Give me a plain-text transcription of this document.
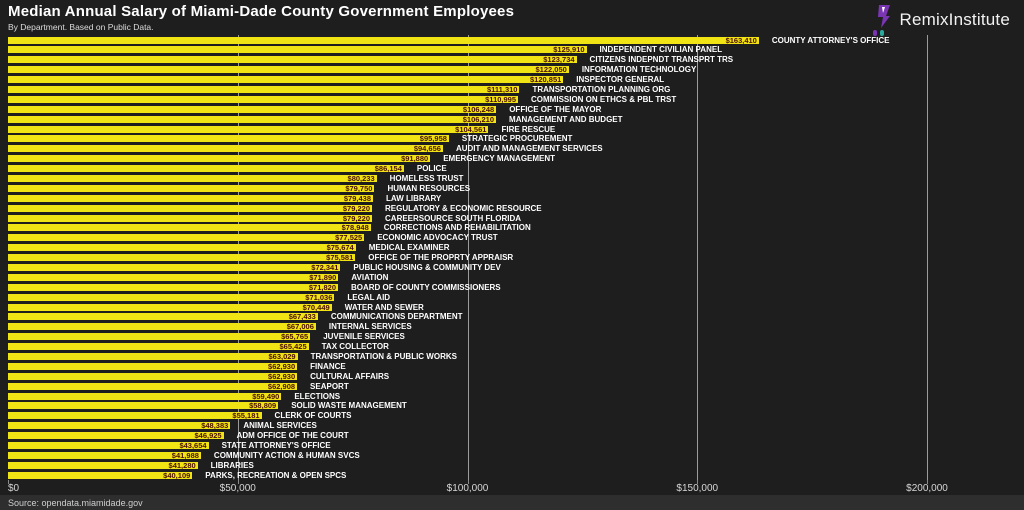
Median Annual Salary of Miami-Dade County Government Employees
By Department. Based on Public Data.	RemixInstitute
$163,410 COUNTY ATTORNEY'S OFFICE
$125,910 INDEPENDENT CIVILIAN PANEL
$123,734 CITIZENS INDEPNDT TRANSPRT TRS
$122,050 INFORMATION TECHNOLOGY
$120,851 INSPECTOR GENERAL
$111,310 TRANSPORTATION PLANNING ORG
$110,995 COMMISSION ON ETHCS & PBL TRST
$106,248 OFFICE OF THE MAYOR
$106,210 MANAGEMENT AND BUDGET
$104,561 FIRE RESCUE
$95,958 STRATEGIC PROCUREMENT
$94,656 AUDIT AND MANAGEMENT SERVICES
$91,880 EMERGENCY MANAGEMENT
$86,154 POLICE
$80,233 HOMELESS TRUST
$79,750 HUMAN RESOURCES
$79,438 LAW LIBRARY
$79,220 REGULATORY & ECONOMIC RESOURCE
$79,220 CAREERSOURCE SOUTH FLORIDA
$78,948 CORRECTIONS AND REHABILITATION
$77,525 ECONOMIC ADVOCACY TRUST
$75,674 MEDICAL EXAMINER
$75,581 OFFICE OF THE PROPRTY APPRAISR
$72,341 PUBLIC HOUSING & COMMUNITY DEV
$71,890 AVIATION
$71,820 BOARD OF COUNTY COMMISSIONERS
$71,036 LEGAL AID
$70,449 WATER AND SEWER
$67,433 COMMUNICATIONS DEPARTMENT
$67,006 INTERNAL SERVICES
$65,765 JUVENILE SERVICES
$65,425 TAX COLLECTOR
$63,029 TRANSPORTATION & PUBLIC WORKS
$62,930 FINANCE
$62,930 CULTURAL AFFAIRS
$62,908 SEAPORT
$59,490 ELECTIONS
$58,809 SOLID WASTE MANAGEMENT
$55,181 CLERK OF COURTS
$48,383 ANIMAL SERVICES
$46,925 ADM OFFICE OF THE COURT
$43,654 STATE ATTORNEY'S OFFICE
$41,988 COMMUNITY ACTION & HUMAN SVCS
$41,280 LIBRARIES
$40,109 PARKS, RECREATION & OPEN SPCS
$0	$50,000	$100,000	$150,000	$200,000
Source: opendata.miamidade.gov
